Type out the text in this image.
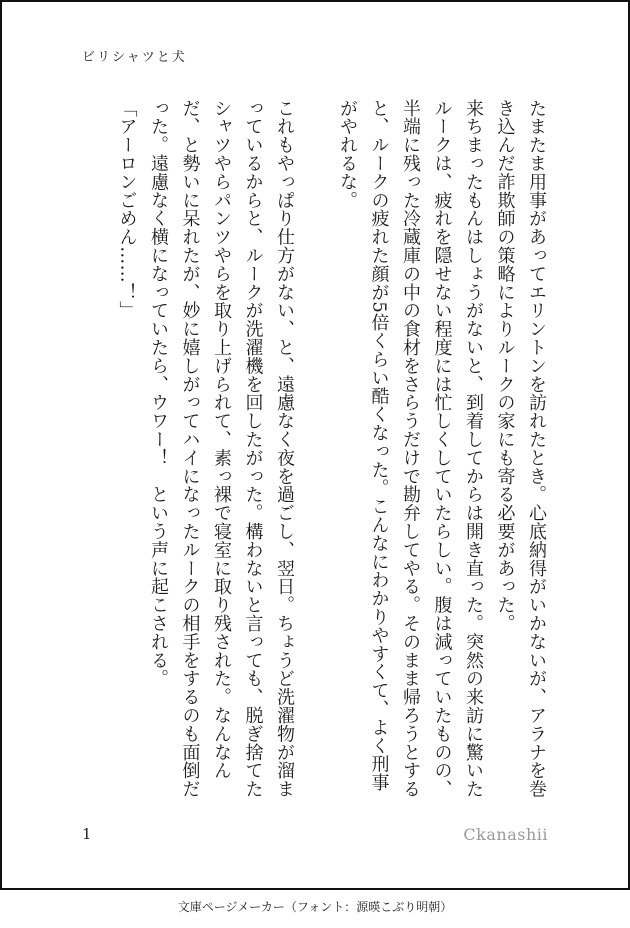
ビリシャツと犬

たまたま用事があってエリントンを訪れたとき。心底納得がいかないが、アラナを巻き込んだ詐欺師の策略によりルークの家にも寄る必要があった。

来ちまったもんはしょうがないと、到着してからは開き直った。突然の来訪に驚いたルークは、疲れを隠せない程度には忙しくしていたらしい。腹は減っていたものの、半端に残った冷蔵庫の中の食材をさらうだけで勘弁してやる。そのまま帰ろうとすると、ルークの疲れた顔が5倍くらい酷くなった。こんなにわかりやすくて、よく刑事がやれるな。

これもやっぱり仕方がない、と、遠慮なく夜を過ごし、翌日。ちょうど洗濯物が溜まっているからと、ルークが洗濯機を回したがった。構わないと言っても、脱ぎ捨てたシャツやらパンツやらを取り上げられて、素っ裸で寝室に取り残された。なんなんだ、と勢いに呆れたが、妙に嬉しがってハイになったルークの相手をするのも面倒だった。遠慮なく横になっていたら、ウワー！　という声に起こされる。

「アーロンごめん……！」

1	Ckanashii
文庫ページメーカー（フォント：源暎こぶり明朝）
